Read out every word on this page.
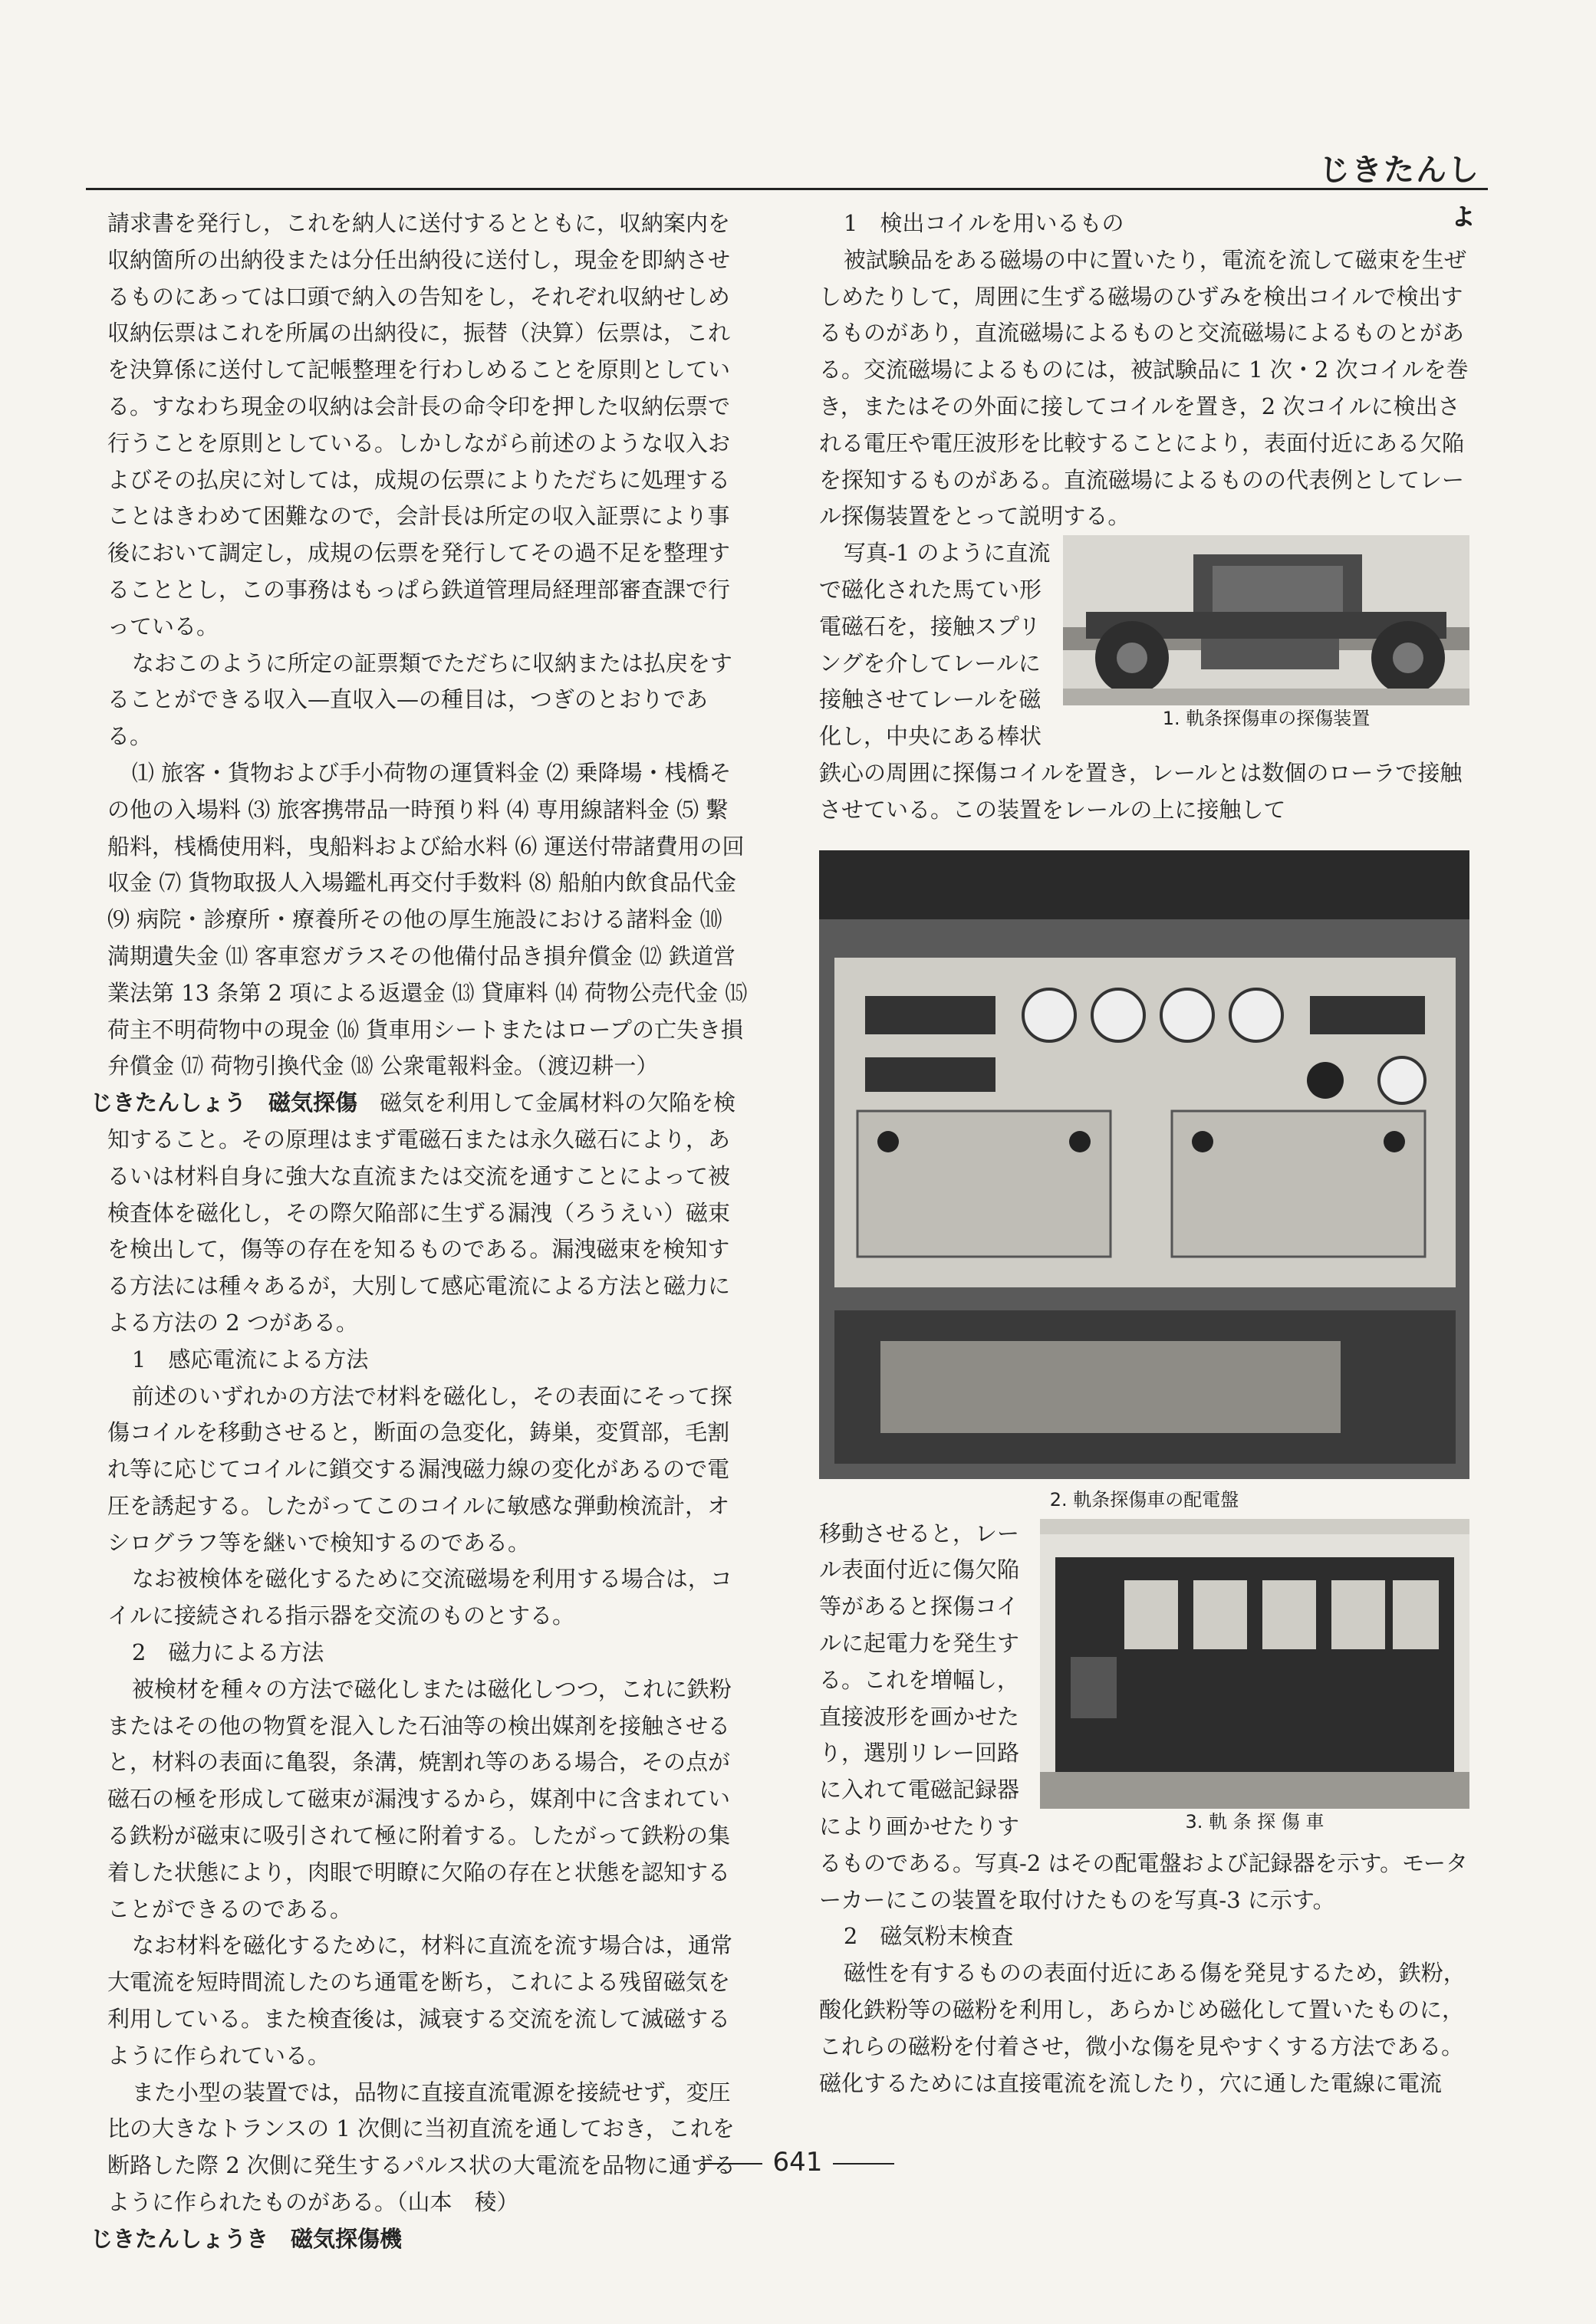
じきたんしょ

請求書を発行し，これを納人に送付するとともに，収納案内を収納箇所の出納役または分任出納役に送付し，現金を即納させるものにあっては口頭で納入の告知をし，それぞれ収納せしめ収納伝票はこれを所属の出納役に，振替（決算）伝票は，これを決算係に送付して記帳整理を行わしめることを原則としている。すなわち現金の収納は会計長の命令印を押した収納伝票で行うことを原則としている。しかしながら前述のような収入およびその払戻に対しては，成規の伝票によりただちに処理することはきわめて困難なので，会計長は所定の収入証票により事後において調定し，成規の伝票を発行してその過不足を整理することとし，この事務はもっぱら鉄道管理局経理部審査課で行っている。

なおこのように所定の証票類でただちに収納または払戻をすることができる収入—直収入—の種目は，つぎのとおりである。

⑴ 旅客・貨物および手小荷物の運賃料金 ⑵ 乗降場・桟橋その他の入場料 ⑶ 旅客携帯品一時預り料 ⑷ 専用線諸料金 ⑸ 繫船料，桟橋使用料，曳船料および給水料 ⑹ 運送付帯諸費用の回収金 ⑺ 貨物取扱人入場鑑札再交付手数料 ⑻ 船舶内飲食品代金 ⑼ 病院・診療所・療養所その他の厚生施設における諸料金 ⑽ 満期遺失金 ⑾ 客車窓ガラスその他備付品き損弁償金 ⑿ 鉄道営業法第 13 条第 2 項による返還金 ⒀ 貸庫料 ⒁ 荷物公売代金 ⒂ 荷主不明荷物中の現金 ⒃ 貨車用シートまたはロープの亡失き損弁償金 ⒄ 荷物引換代金 ⒅ 公衆電報料金。（渡辺耕一）

じきたんしょう　 磁気探傷　 磁気を利用して金属材料の欠陥を検知すること。その原理はまず電磁石または永久磁石により，あるいは材料自身に強大な直流または交流を通すことによって被検査体を磁化し，その際欠陥部に生ずる漏洩（ろうえい）磁束を検出して，傷等の存在を知るものである。漏洩磁束を検知する方法には種々あるが，大別して感応電流による方法と磁力による方法の 2 つがある。

1　感応電流による方法

前述のいずれかの方法で材料を磁化し，その表面にそって探傷コイルを移動させると，断面の急変化，鋳巣，変質部，毛割れ等に応じてコイルに鎖交する漏洩磁力線の変化があるので電圧を誘起する。したがってこのコイルに敏感な弾動検流計，オシログラフ等を継いで検知するのである。

なお被検体を磁化するために交流磁場を利用する場合は，コイルに接続される指示器を交流のものとする。

2　磁力による方法

被検材を種々の方法で磁化しまたは磁化しつつ，これに鉄粉またはその他の物質を混入した石油等の検出媒剤を接触させると，材料の表面に亀裂，条溝，焼割れ等のある場合，その点が磁石の極を形成して磁束が漏洩するから，媒剤中に含まれている鉄粉が磁束に吸引されて極に附着する。したがって鉄粉の集着した状態により，肉眼で明瞭に欠陥の存在と状態を認知することができるのである。

なお材料を磁化するために，材料に直流を流す場合は，通常大電流を短時間流したのち通電を断ち，これによる残留磁気を利用している。また検査後は，減衰する交流を流して滅磁するように作られている。

また小型の装置では，品物に直接直流電源を接続せず，変圧比の大きなトランスの 1 次側に当初直流を通しておき，これを断路した際 2 次側に発生するパルス状の大電流を品物に通ずるように作られたものがある。（山本　稜）

じきたんしょうき　 磁気探傷機

1　検出コイルを用いるもの

被試験品をある磁場の中に置いたり，電流を流して磁束を生ぜしめたりして，周囲に生ずる磁場のひずみを検出コイルで検出するものがあり，直流磁場によるものと交流磁場によるものとがある。交流磁場によるものには，被試験品に 1 次・2 次コイルを巻き，またはその外面に接してコイルを置き，2 次コイルに検出される電圧や電圧波形を比較することにより，表面付近にある欠陥を探知するものがある。直流磁場によるものの代表例としてレール探傷装置をとって説明する。

1. 軌条探傷車の探傷装置

写真-1 のように直流で磁化された馬てい形電磁石を，接触スプリングを介してレールに接触させてレールを磁化し，中央にある棒状鉄心の周囲に探傷コイルを置き，レールとは数個のローラで接触させている。この装置をレールの上に接触して

2. 軌条探傷車の配電盤
3. 軌 条 探 傷 車

移動させると，レール表面付近に傷欠陥等があると探傷コイルに起電力を発生する。これを増幅し，直接波形を画かせたり，選別リレー回路に入れて電磁記録器により画かせたりするものである。写真-2 はその配電盤および記録器を示す。モーターカーにこの装置を取付けたものを写真-3 に示す。

2　磁気粉末検査

磁性を有するものの表面付近にある傷を発見するため，鉄粉，酸化鉄粉等の磁粉を利用し，あらかじめ磁化して置いたものに，これらの磁粉を付着させ，微小な傷を見やすくする方法である。磁化するためには直接電流を流したり，穴に通した電線に電流

641
